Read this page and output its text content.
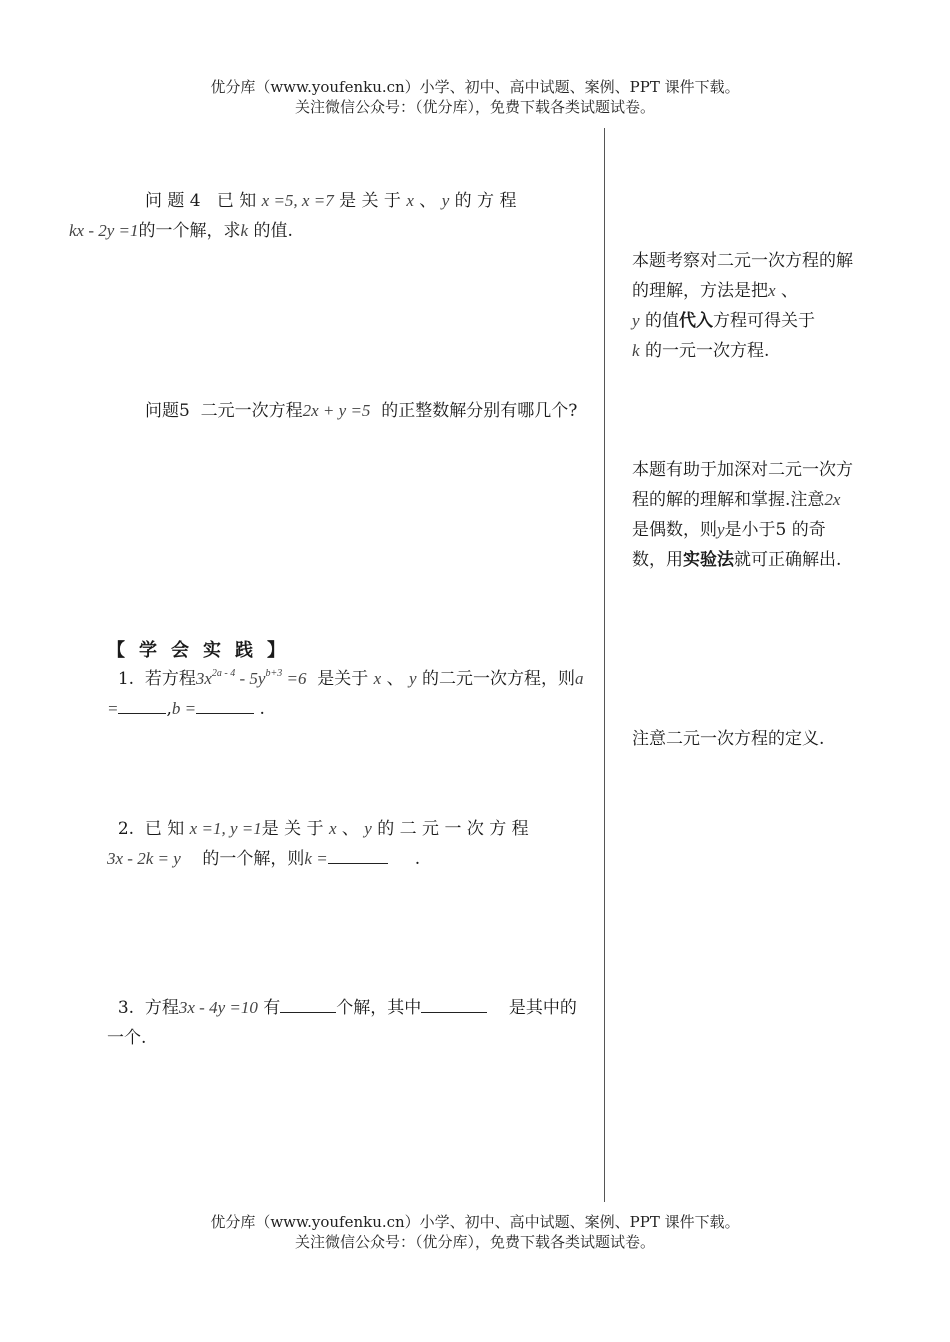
优分库（www.youfenku.cn）小学、初中、高中试题、案例、PPT 课件下载。
关注微信公众号：（优分库），免费下载各类试题试卷。
问 题 4 已 知 x =5, x =7 是 关 于 x 、 y 的 方 程
kx - 2y =1的一个解，求k 的值.
问题5 二元一次方程2x + y =5 的正整数解分别有哪几个?
【学会实践】
1. 若方程$3x^{2a - 4} - 5y^{b+3} =6$ 是关于 x 、 y 的二元一次方程，则a =	,b =	.
2. 已 知 x =1, y =1是 关 于 x 、 y 的 二 元 一 次 方 程
3x - 2k = y 的一个解，则k =	.
3. 方程3x - 4y =10 有	个解，其中	是其中的一个.
本题考察对二元一次方程的解的理解，方法是把x 、
y 的值代入方程可得关于
k 的一元一次方程.
本题有助于加深对二元一次方程的解的理解和掌握.注意2x  是偶数，则y是小于5 的奇数，用实验法就可正确解出.
注意二元一次方程的定义.
优分库（www.youfenku.cn）小学、初中、高中试题、案例、PPT 课件下载。
关注微信公众号：（优分库），免费下载各类试题试卷。
